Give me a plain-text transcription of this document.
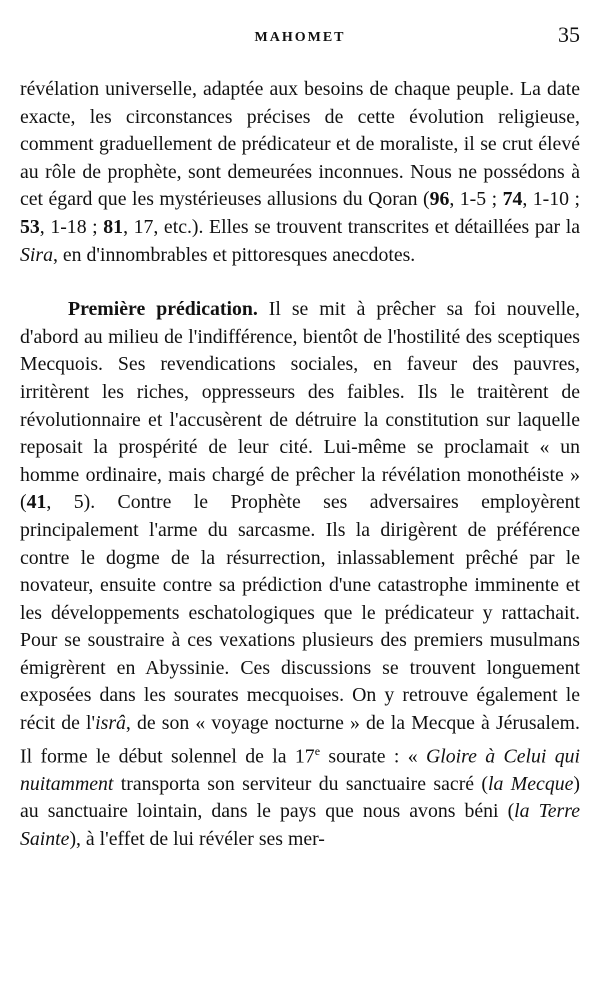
MAHOMET	35

révélation universelle, adaptée aux besoins de chaque peuple. La date exacte, les circonstances précises de cette évolution religieuse, comment graduellement de prédicateur et de moraliste, il se crut élevé au rôle de prophète, sont demeurées inconnues. Nous ne possédons à cet égard que les mystérieuses allusions du Qoran (96, 1-5 ; 74, 1-10 ; 53, 1-18 ; 81, 17, etc.). Elles se trouvent transcrites et détaillées par la Sira, en d'innombrables et pittoresques anecdotes.

Première prédication. Il se mit à prêcher sa foi nouvelle, d'abord au milieu de l'indifférence, bientôt de l'hostilité des sceptiques Mecquois. Ses revendications sociales, en faveur des pauvres, irritèrent les riches, oppresseurs des faibles. Ils le traitèrent de révolutionnaire et l'accusèrent de détruire la constitution sur laquelle reposait la prospérité de leur cité. Lui-même se proclamait « un homme ordinaire, mais chargé de prêcher la révélation monothéiste » (41, 5). Contre le Prophète ses adversaires employèrent principalement l'arme du sarcasme. Ils la dirigèrent de préférence contre le dogme de la résurrection, inlassablement prêché par le novateur, ensuite contre sa prédiction d'une catastrophe imminente et les développements eschatologiques que le prédicateur y rattachait. Pour se soustraire à ces vexations plusieurs des premiers musulmans émigrèrent en Abyssinie. Ces discussions se trouvent longuement exposées dans les sourates mecquoises. On y retrouve également le récit de l'isrâ, de son « voyage nocturne » de la Mecque à Jérusalem. Il forme le début solennel de la 17e sourate : « Gloire à Celui qui nuitamment transporta son serviteur du sanctuaire sacré (la Mecque) au sanctuaire lointain, dans le pays que nous avons béni (la Terre Sainte), à l'effet de lui révéler ses mer-
